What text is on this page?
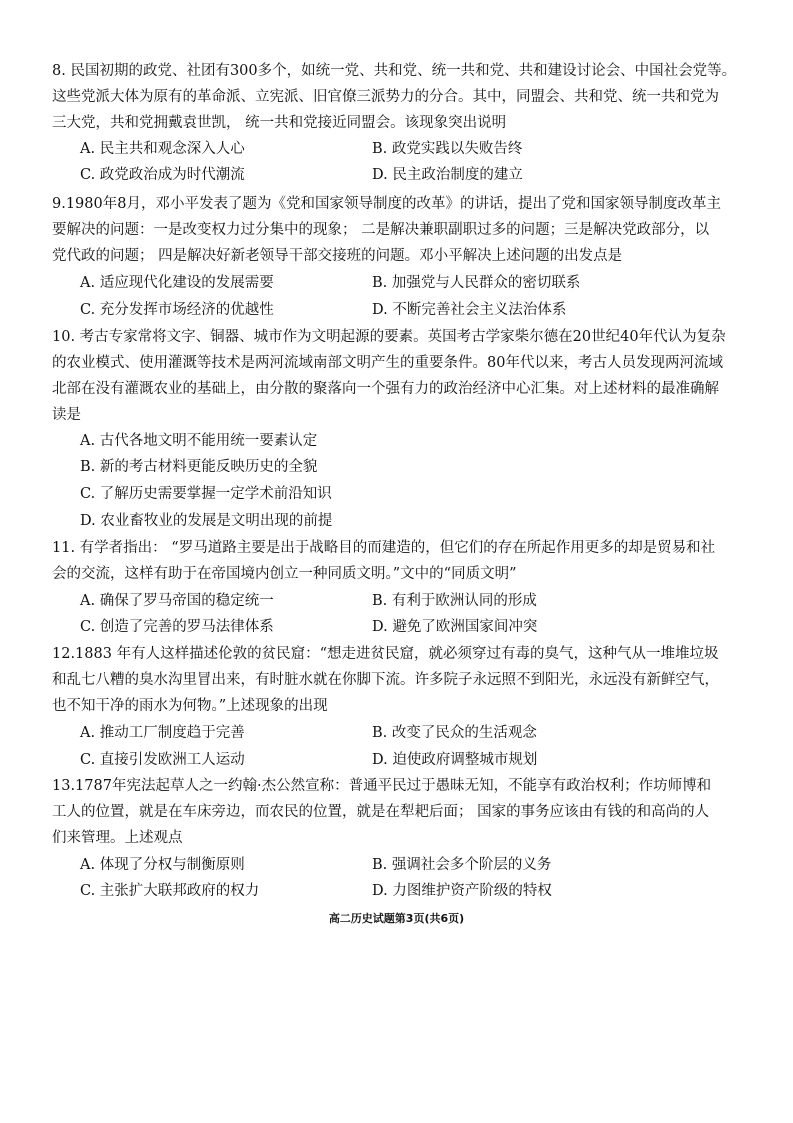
8. 民国初期的政党、社团有300多个，如统一党、共和党、统一共和党、共和建设讨论会、中国社会党等。
这些党派大体为原有的革命派、立宪派、旧官僚三派势力的分合。其中，同盟会、共和党、统一共和党为
三大党，共和党拥戴袁世凯， 统一共和党接近同盟会。该现象突出说明
A. 民主共和观念深入人心	B. 政党实践以失败告终
C. 政党政治成为时代潮流	D. 民主政治制度的建立
9.1980年8月，邓小平发表了题为《党和国家领导制度的改革》的讲话，提出了党和国家领导制度改革主
要解决的问题：一是改变权力过分集中的现象； 二是解决兼职副职过多的问题；三是解决党政部分，以
党代政的问题； 四是解决好新老领导干部交接班的问题。邓小平解决上述问题的出发点是
A. 适应现代化建设的发展需要	B. 加强党与人民群众的密切联系
C. 充分发挥市场经济的优越性	D. 不断完善社会主义法治体系
10. 考古专家常将文字、铜器、城市作为文明起源的要素。英国考古学家柴尔德在20世纪40年代认为复杂
的农业模式、使用灌溉等技术是两河流域南部文明产生的重要条件。80年代以来，考古人员发现两河流域
北部在没有灌溉农业的基础上，由分散的聚落向一个强有力的政治经济中心汇集。对上述材料的最准确解
读是
A. 古代各地文明不能用统一要素认定
B. 新的考古材料更能反映历史的全貌
C. 了解历史需要掌握一定学术前沿知识
D. 农业畜牧业的发展是文明出现的前提
11. 有学者指出： “罗马道路主要是出于战略目的而建造的，但它们的存在所起作用更多的却是贸易和社
会的交流，这样有助于在帝国境内创立一种同质文明。”文中的“同质文明”
A. 确保了罗马帝国的稳定统一	B. 有利于欧洲认同的形成
C. 创造了完善的罗马法律体系	D. 避免了欧洲国家间冲突
12.1883 年有人这样描述伦敦的贫民窟：“想走进贫民窟，就必须穿过有毒的臭气，这种气从一堆堆垃圾
和乱七八糟的臭水沟里冒出来，有时脏水就在你脚下流。许多院子永远照不到阳光，永远没有新鲜空气，
也不知干净的雨水为何物。”上述现象的出现
A. 推动工厂制度趋于完善	B. 改变了民众的生活观念
C. 直接引发欧洲工人运动	D. 迫使政府调整城市规划
13.1787年宪法起草人之一约翰·杰公然宣称：普通平民过于愚昧无知，不能享有政治权利；作坊师博和
工人的位置，就是在车床旁边，而农民的位置，就是在犁耙后面； 国家的事务应该由有钱的和高尚的人
们来管理。上述观点
A. 体现了分权与制衡原则	B. 强调社会多个阶层的义务
C. 主张扩大联邦政府的权力	D. 力图维护资产阶级的特权
高二历史试题第3页(共6页)
